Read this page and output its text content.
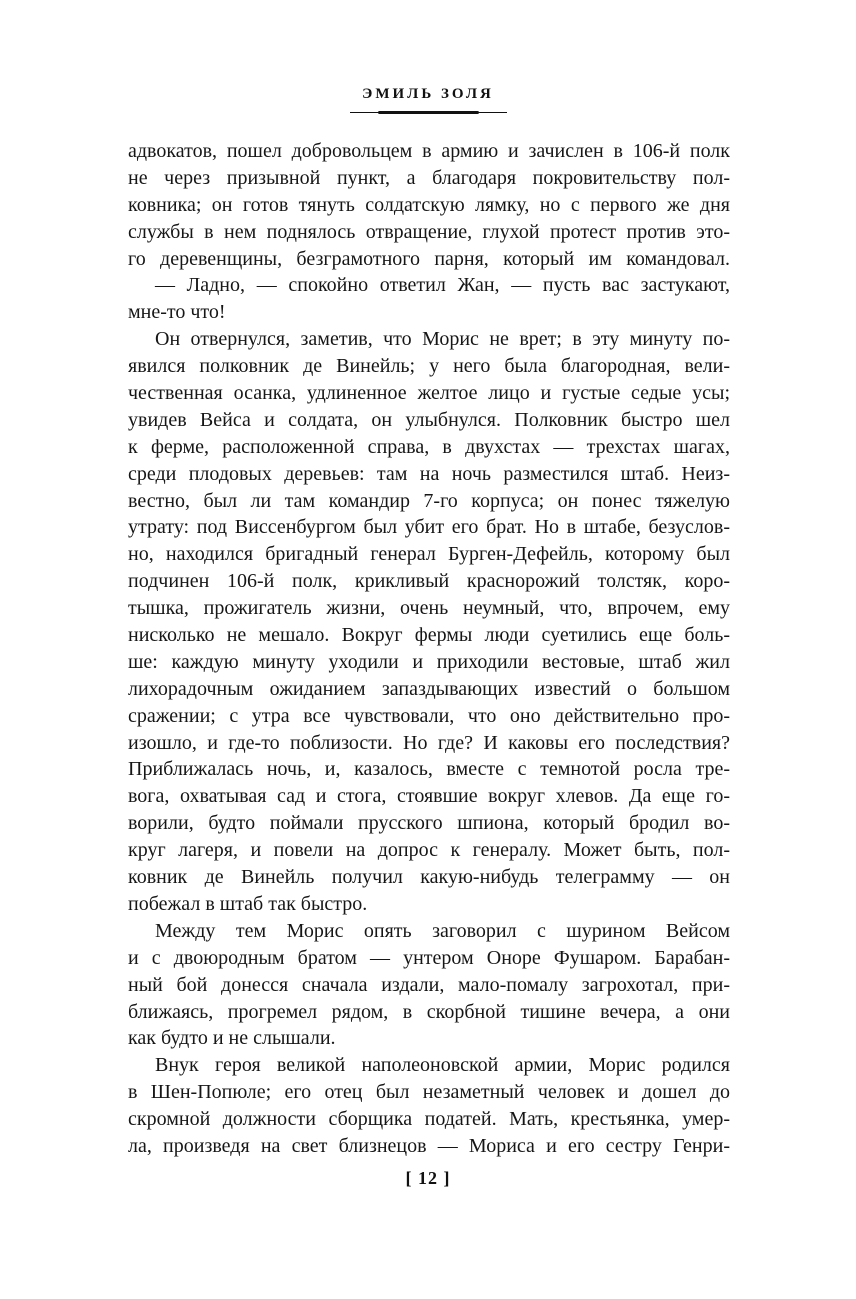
ЭМИЛЬ ЗОЛЯ
адвокатов, пошел добровольцем в армию и зачислен в 106-й полк
не через призывной пункт, а благодаря покровительству пол-
ковника; он готов тянуть солдатскую лямку, но с первого же дня
службы в нем поднялось отвращение, глухой протест против это-
го деревенщины, безграмотного парня, который им командовал.
— Ладно, — спокойно ответил Жан, — пусть вас застукают,
мне-то что!
Он отвернулся, заметив, что Морис не врет; в эту минуту по-
явился полковник де Винейль; у него была благородная, вели-
чественная осанка, удлиненное желтое лицо и густые седые усы;
увидев Вейса и солдата, он улыбнулся. Полковник быстро шел
к ферме, расположенной справа, в двухстах — трехстах шагах,
среди плодовых деревьев: там на ночь разместился штаб. Неиз-
вестно, был ли там командир 7-го корпуса; он понес тяжелую
утрату: под Виссенбургом был убит его брат. Но в штабе, безуслов-
но, находился бригадный генерал Бурген-Дефейль, которому был
подчинен 106-й полк, крикливый краснорожий толстяк, коро-
тышка, прожигатель жизни, очень неумный, что, впрочем, ему
нисколько не мешало. Вокруг фермы люди суетились еще боль-
ше: каждую минуту уходили и приходили вестовые, штаб жил
лихорадочным ожиданием запаздывающих известий о большом
сражении; с утра все чувствовали, что оно действительно про-
изошло, и где-то поблизости. Но где? И каковы его последствия?
Приближалась ночь, и, казалось, вместе с темнотой росла тре-
вога, охватывая сад и стога, стоявшие вокруг хлевов. Да еще го-
ворили, будто поймали прусского шпиона, который бродил во-
круг лагеря, и повели на допрос к генералу. Может быть, пол-
ковник де Винейль получил какую-нибудь телеграмму — он
побежал в штаб так быстро.
Между тем Морис опять заговорил с шурином Вейсом
и с двоюродным братом — унтером Оноре Фушаром. Барабан-
ный бой донесся сначала издали, мало-помалу загрохотал, при-
ближаясь, прогремел рядом, в скорбной тишине вечера, а они
как будто и не слышали.
Внук героя великой наполеоновской армии, Морис родился
в Шен-Попюле; его отец был незаметный человек и дошел до
скромной должности сборщика податей. Мать, крестьянка, умер-
ла, произведя на свет близнецов — Мориса и его сестру Генри-
[ 12 ]
